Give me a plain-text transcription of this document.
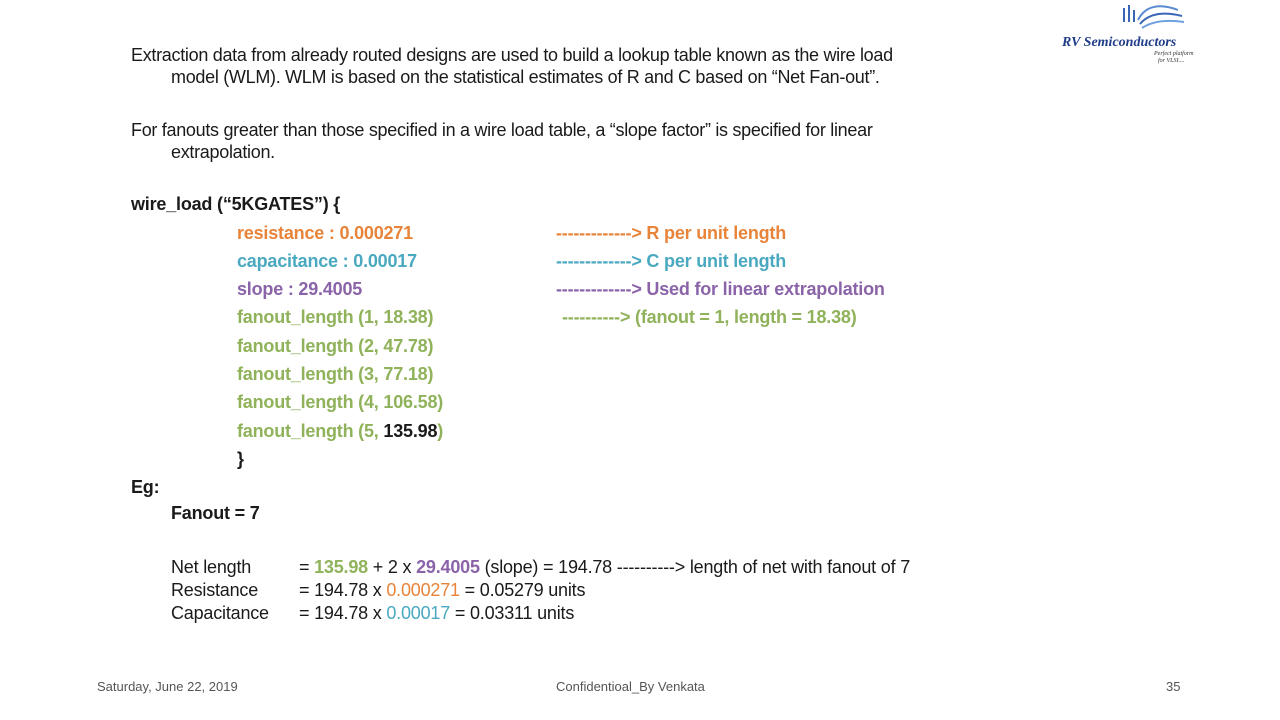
RV Semiconductors
Perfect platform
for VLSI....
Extraction data from already routed designs are used to build a lookup table known as the wire load
model (WLM). WLM is based on the statistical estimates of R and C based on “Net Fan-out”.
For fanouts greater than those specified in a wire load table, a “slope factor” is specified for linear
extrapolation.
wire_load (“5KGATES”) {
resistance : 0.000271	-------------> R per unit length
capacitance : 0.00017	-------------> C per unit length
slope : 29.4005	-------------> Used for linear extrapolation
fanout_length (1, 18.38)	----------> (fanout = 1, length = 18.38)
fanout_length (2, 47.78)
fanout_length (3, 77.18)
fanout_length (4, 106.58)
fanout_length (5, 135.98)
}
Eg:
Fanout = 7
Net length	= 135.98 + 2 x 29.4005 (slope) = 194.78 ----------> length of net with fanout of 7
Resistance = 194.78 x 0.000271 = 0.05279 units
Capacitance = 194.78 x 0.00017 = 0.03311 units
Saturday, June 22, 2019	Confidentioal_By Venkata	35
